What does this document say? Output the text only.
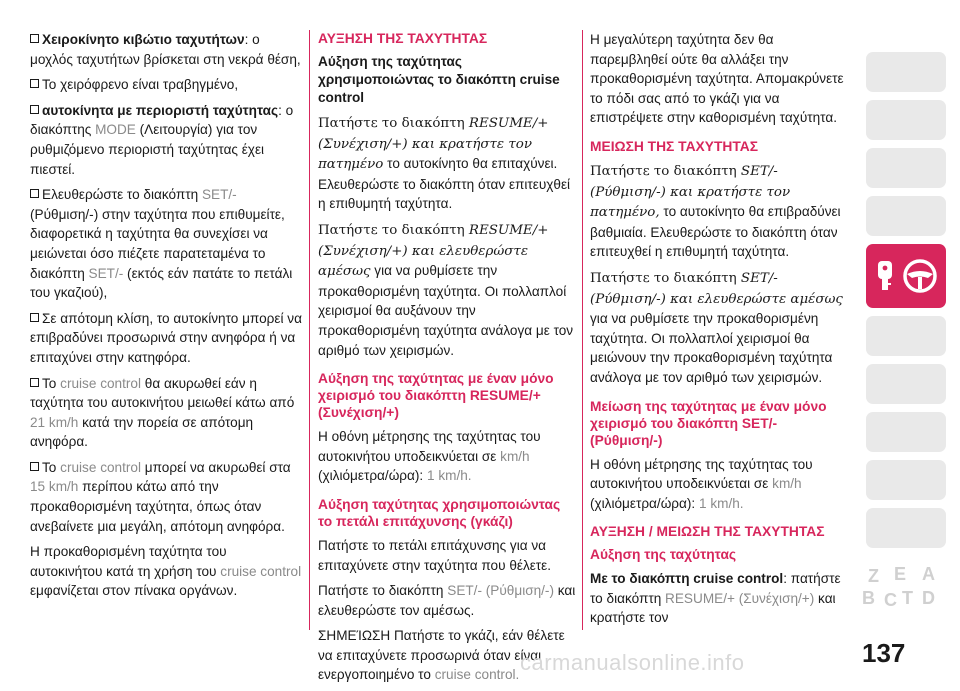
Χειροκίνητο κιβώτιο ταχυτήτων: ο μοχλός ταχυτήτων βρίσκεται στη νεκρά θέση,

Το χειρόφρενο είναι τραβηγμένο,

αυτοκίνητα με περιοριστή ταχύτητας: ο διακόπτης MODE (Λειτουργία) για τον ρυθμιζόμενο περιοριστή ταχύτητας έχει πιεστεί.

Ελευθερώστε το διακόπτη SET/- (Ρύθμιση/-) στην ταχύτητα που επιθυμείτε, διαφορετικά η ταχύτητα θα συνεχίσει να μειώνεται όσο πιέζετε παρατεταμένα το διακόπτη SET/- (εκτός εάν πατάτε το πετάλι του γκαζιού),

Σε απότομη κλίση, το αυτοκίνητο μπορεί να επιβραδύνει προσωρινά στην ανηφόρα ή να επιταχύνει στην κατηφόρα.

Το cruise control θα ακυρωθεί εάν η ταχύτητα του αυτοκινήτου μειωθεί κάτω από 21 km/h κατά την πορεία σε απότομη ανηφόρα.

Το cruise control μπορεί να ακυρωθεί στα 15 km/h περίπου κάτω από την προκαθορισμένη ταχύτητα, όπως όταν ανεβαίνετε μια μεγάλη, απότομη ανηφόρα.

Η προκαθορισμένη ταχύτητα του αυτοκινήτου κατά τη χρήση του cruise control εμφανίζεται στον πίνακα οργάνων.

ΑΥΞΗΣΗ ΤΗΣ ΤΑΧΥΤΗΤΑΣ
Αύξηση της ταχύτητας χρησιμοποιώντας το διακόπτη cruise control

Πατήστε το διακόπτη RESUME/+ (Συνέχιση/+) και κρατήστε τον πατημένο το αυτοκίνητο θα επιταχύνει. Ελευθερώστε το διακόπτη όταν επιτευχθεί η επιθυμητή ταχύτητα.

Πατήστε το διακόπτη RESUME/+ (Συνέχιση/+) και ελευθερώστε αμέσως για να ρυθμίσετε την προκαθορισμένη ταχύτητα. Οι πολλαπλοί χειρισμοί θα αυξάνουν την προκαθορισμένη ταχύτητα ανάλογα με τον αριθμό των χειρισμών.

Αύξηση της ταχύτητας με έναν μόνο χειρισμό του διακόπτη RESUME/+ (Συνέχιση/+)

Η οθόνη μέτρησης της ταχύτητας του αυτοκινήτου υποδεικνύεται σε km/h (χιλιόμετρα/ώρα): 1 km/h.

Αύξηση ταχύτητας χρησιμοποιώντας το πετάλι επιτάχυνσης (γκάζι)

Πατήστε το πετάλι επιτάχυνσης για να επιταχύνετε στην ταχύτητα που θέλετε.

Πατήστε το διακόπτη SET/- (Ρύθμιση/-) και ελευθερώστε τον αμέσως.

ΣΗΜΕΊΩΣΗ Πατήστε το γκάζι, εάν θέλετε να επιταχύνετε προσωρινά όταν είναι ενεργοποιημένο το cruise control.

Η μεγαλύτερη ταχύτητα δεν θα παρεμβληθεί ούτε θα αλλάξει την προκαθορισμένη ταχύτητα. Απομακρύνετε το πόδι σας από το γκάζι για να επιστρέψετε στην καθορισμένη ταχύτητα.

ΜΕΙΩΣΗ ΤΗΣ ΤΑΧΥΤΗΤΑΣ

Πατήστε το διακόπτη SET/- (Ρύθμιση/-) και κρατήστε τον πατημένο, το αυτοκίνητο θα επιβραδύνει βαθμιαία. Ελευθερώστε το διακόπτη όταν επιτευχθεί η επιθυμητή ταχύτητα.

Πατήστε το διακόπτη SET/- (Ρύθμιση/-) και ελευθερώστε αμέσως για να ρυθμίσετε την προκαθορισμένη ταχύτητα. Οι πολλαπλοί χειρισμοί θα μειώνουν την προκαθορισμένη ταχύτητα ανάλογα με τον αριθμό των χειρισμών.

Μείωση της ταχύτητας με έναν μόνο χειρισμό του διακόπτη SET/- (Ρύθμιση/-)

Η οθόνη μέτρησης της ταχύτητας του αυτοκινήτου υποδεικνύεται σε km/h (χιλιόμετρα/ώρα): 1 km/h.

ΑΥΞΗΣΗ / ΜΕΙΩΣΗ ΤΗΣ ΤΑΧΥΤΗΤΑΣ
Αύξηση της ταχύτητας

Με το διακόπτη cruise control: πατήστε το διακόπτη RESUME/+ (Συνέχιση/+) και κρατήστε τον

Z E
B C T D
A
carmanualsonline.info	137
